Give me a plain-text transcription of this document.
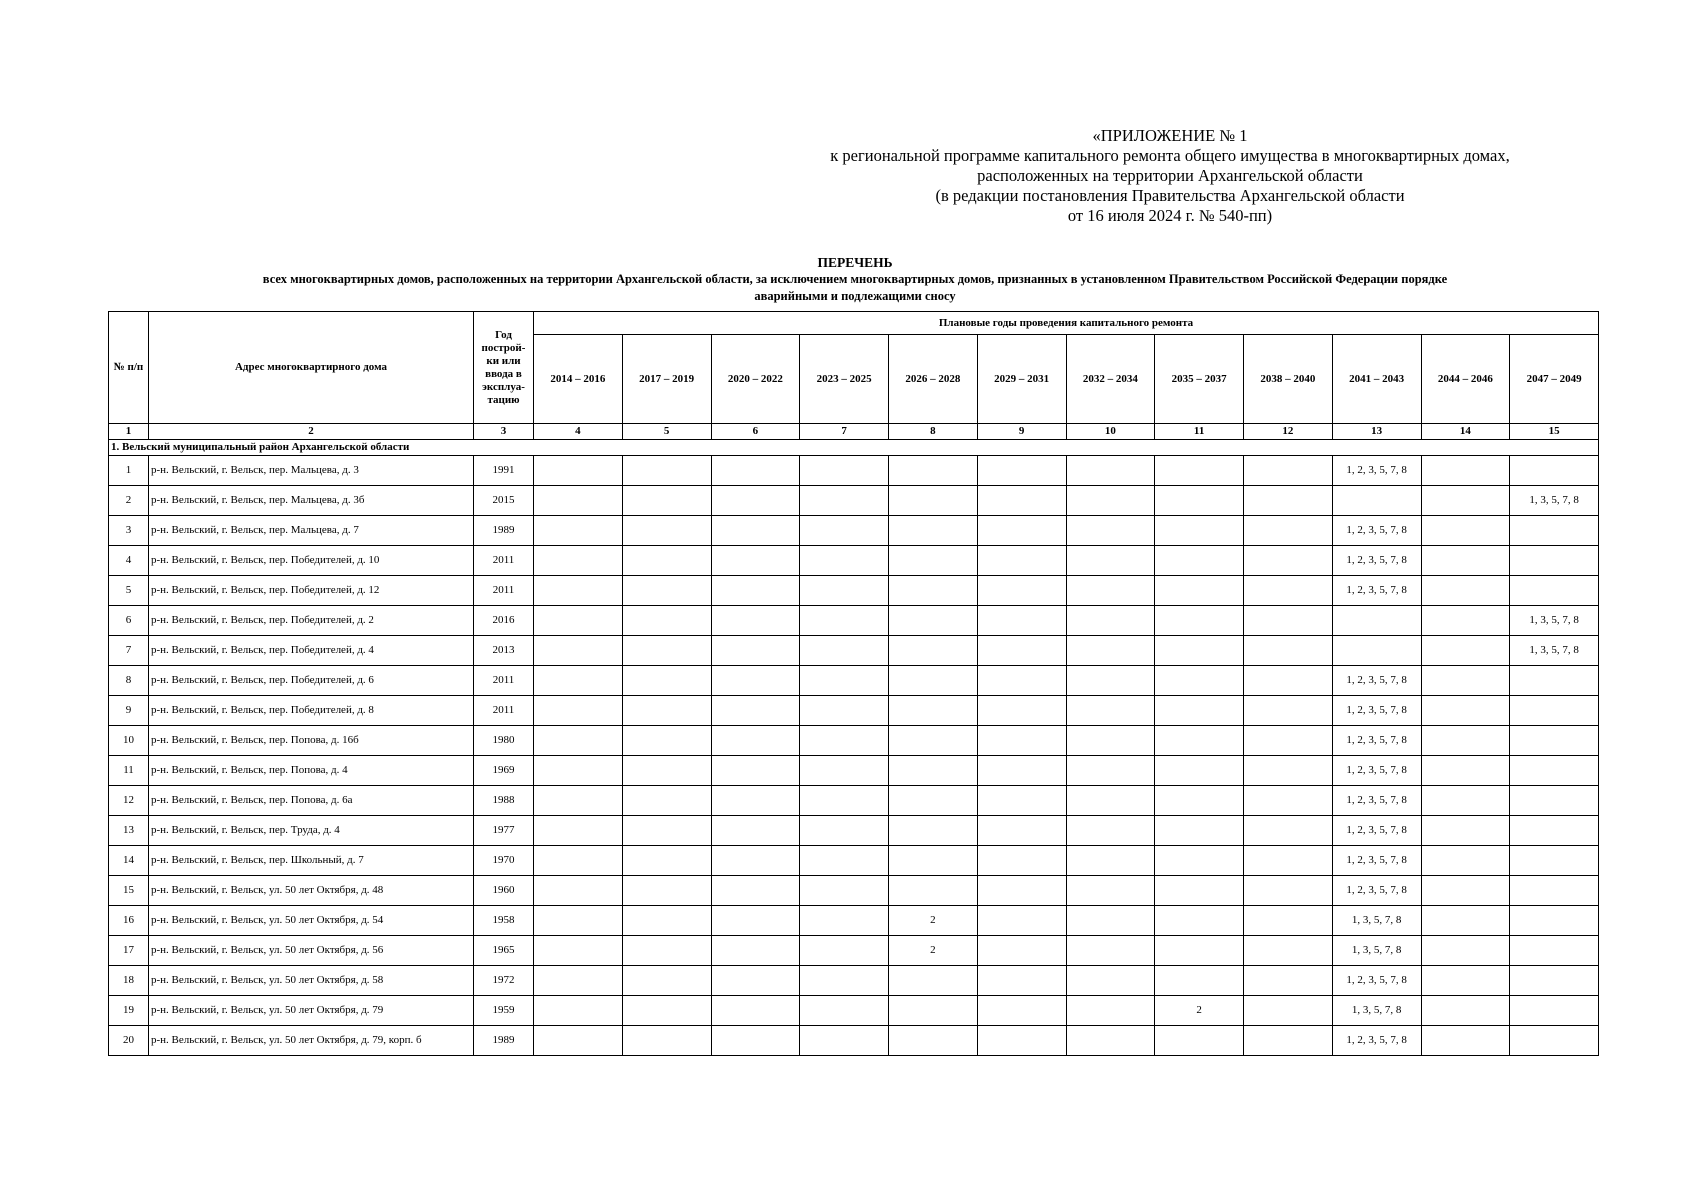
«ПРИЛОЖЕНИЕ № 1
к региональной программе капитального ремонта общего имущества в многоквартирных домах,
расположенных на территории Архангельской области
(в редакции постановления Правительства Архангельской области
от 16 июля 2024 г. № 540-пп)
ПЕРЕЧЕНЬ
всех многоквартирных домов, расположенных на территории Архангельской области, за исключением многоквартирных домов, признанных в установленном Правительством Российской Федерации порядке
аварийными и подлежащими сносу
№ п/п	Адрес многоквартирного дома	Год построй-ки или ввода в эксплуа-тацию	Плановые годы проведения капитального ремонта											
			2014 – 2016	2017 – 2019	2020 – 2022	2023 – 2025	2026 – 2028	2029 – 2031	2032 – 2034	2035 – 2037	2038 – 2040	2041 – 2043	2044 – 2046	2047 – 2049
1	2	3	4	5	6	7	8	9	10	11	12	13	14	15
1. Вельский муниципальный район Архангельской области														
1	р-н. Вельский, г. Вельск, пер. Мальцева, д. 3	1991										1, 2, 3, 5, 7, 8		
2	р-н. Вельский, г. Вельск, пер. Мальцева, д. 3б	2015												1, 3, 5, 7, 8
3	р-н. Вельский, г. Вельск, пер. Мальцева, д. 7	1989										1, 2, 3, 5, 7, 8		
4	р-н. Вельский, г. Вельск, пер. Победителей, д. 10	2011										1, 2, 3, 5, 7, 8		
5	р-н. Вельский, г. Вельск, пер. Победителей, д. 12	2011										1, 2, 3, 5, 7, 8		
6	р-н. Вельский, г. Вельск, пер. Победителей, д. 2	2016												1, 3, 5, 7, 8
7	р-н. Вельский, г. Вельск, пер. Победителей, д. 4	2013												1, 3, 5, 7, 8
8	р-н. Вельский, г. Вельск, пер. Победителей, д. 6	2011										1, 2, 3, 5, 7, 8		
9	р-н. Вельский, г. Вельск, пер. Победителей, д. 8	2011										1, 2, 3, 5, 7, 8		
10	р-н. Вельский, г. Вельск, пер. Попова, д. 16б	1980										1, 2, 3, 5, 7, 8		
11	р-н. Вельский, г. Вельск, пер. Попова, д. 4	1969										1, 2, 3, 5, 7, 8		
12	р-н. Вельский, г. Вельск, пер. Попова, д. 6а	1988										1, 2, 3, 5, 7, 8		
13	р-н. Вельский, г. Вельск, пер. Труда, д. 4	1977										1, 2, 3, 5, 7, 8		
14	р-н. Вельский, г. Вельск, пер. Школьный, д. 7	1970										1, 2, 3, 5, 7, 8		
15	р-н. Вельский, г. Вельск, ул. 50 лет Октября, д. 48	1960										1, 2, 3, 5, 7, 8		
16	р-н. Вельский, г. Вельск, ул. 50 лет Октября, д. 54	1958					2					1, 3, 5, 7, 8		
17	р-н. Вельский, г. Вельск, ул. 50 лет Октября, д. 56	1965					2					1, 3, 5, 7, 8		
18	р-н. Вельский, г. Вельск, ул. 50 лет Октября, д. 58	1972										1, 2, 3, 5, 7, 8		
19	р-н. Вельский, г. Вельск, ул. 50 лет Октября, д. 79	1959								2		1, 3, 5, 7, 8		
20	р-н. Вельский, г. Вельск, ул. 50 лет Октября, д. 79, корп. б	1989										1, 2, 3, 5, 7, 8		
